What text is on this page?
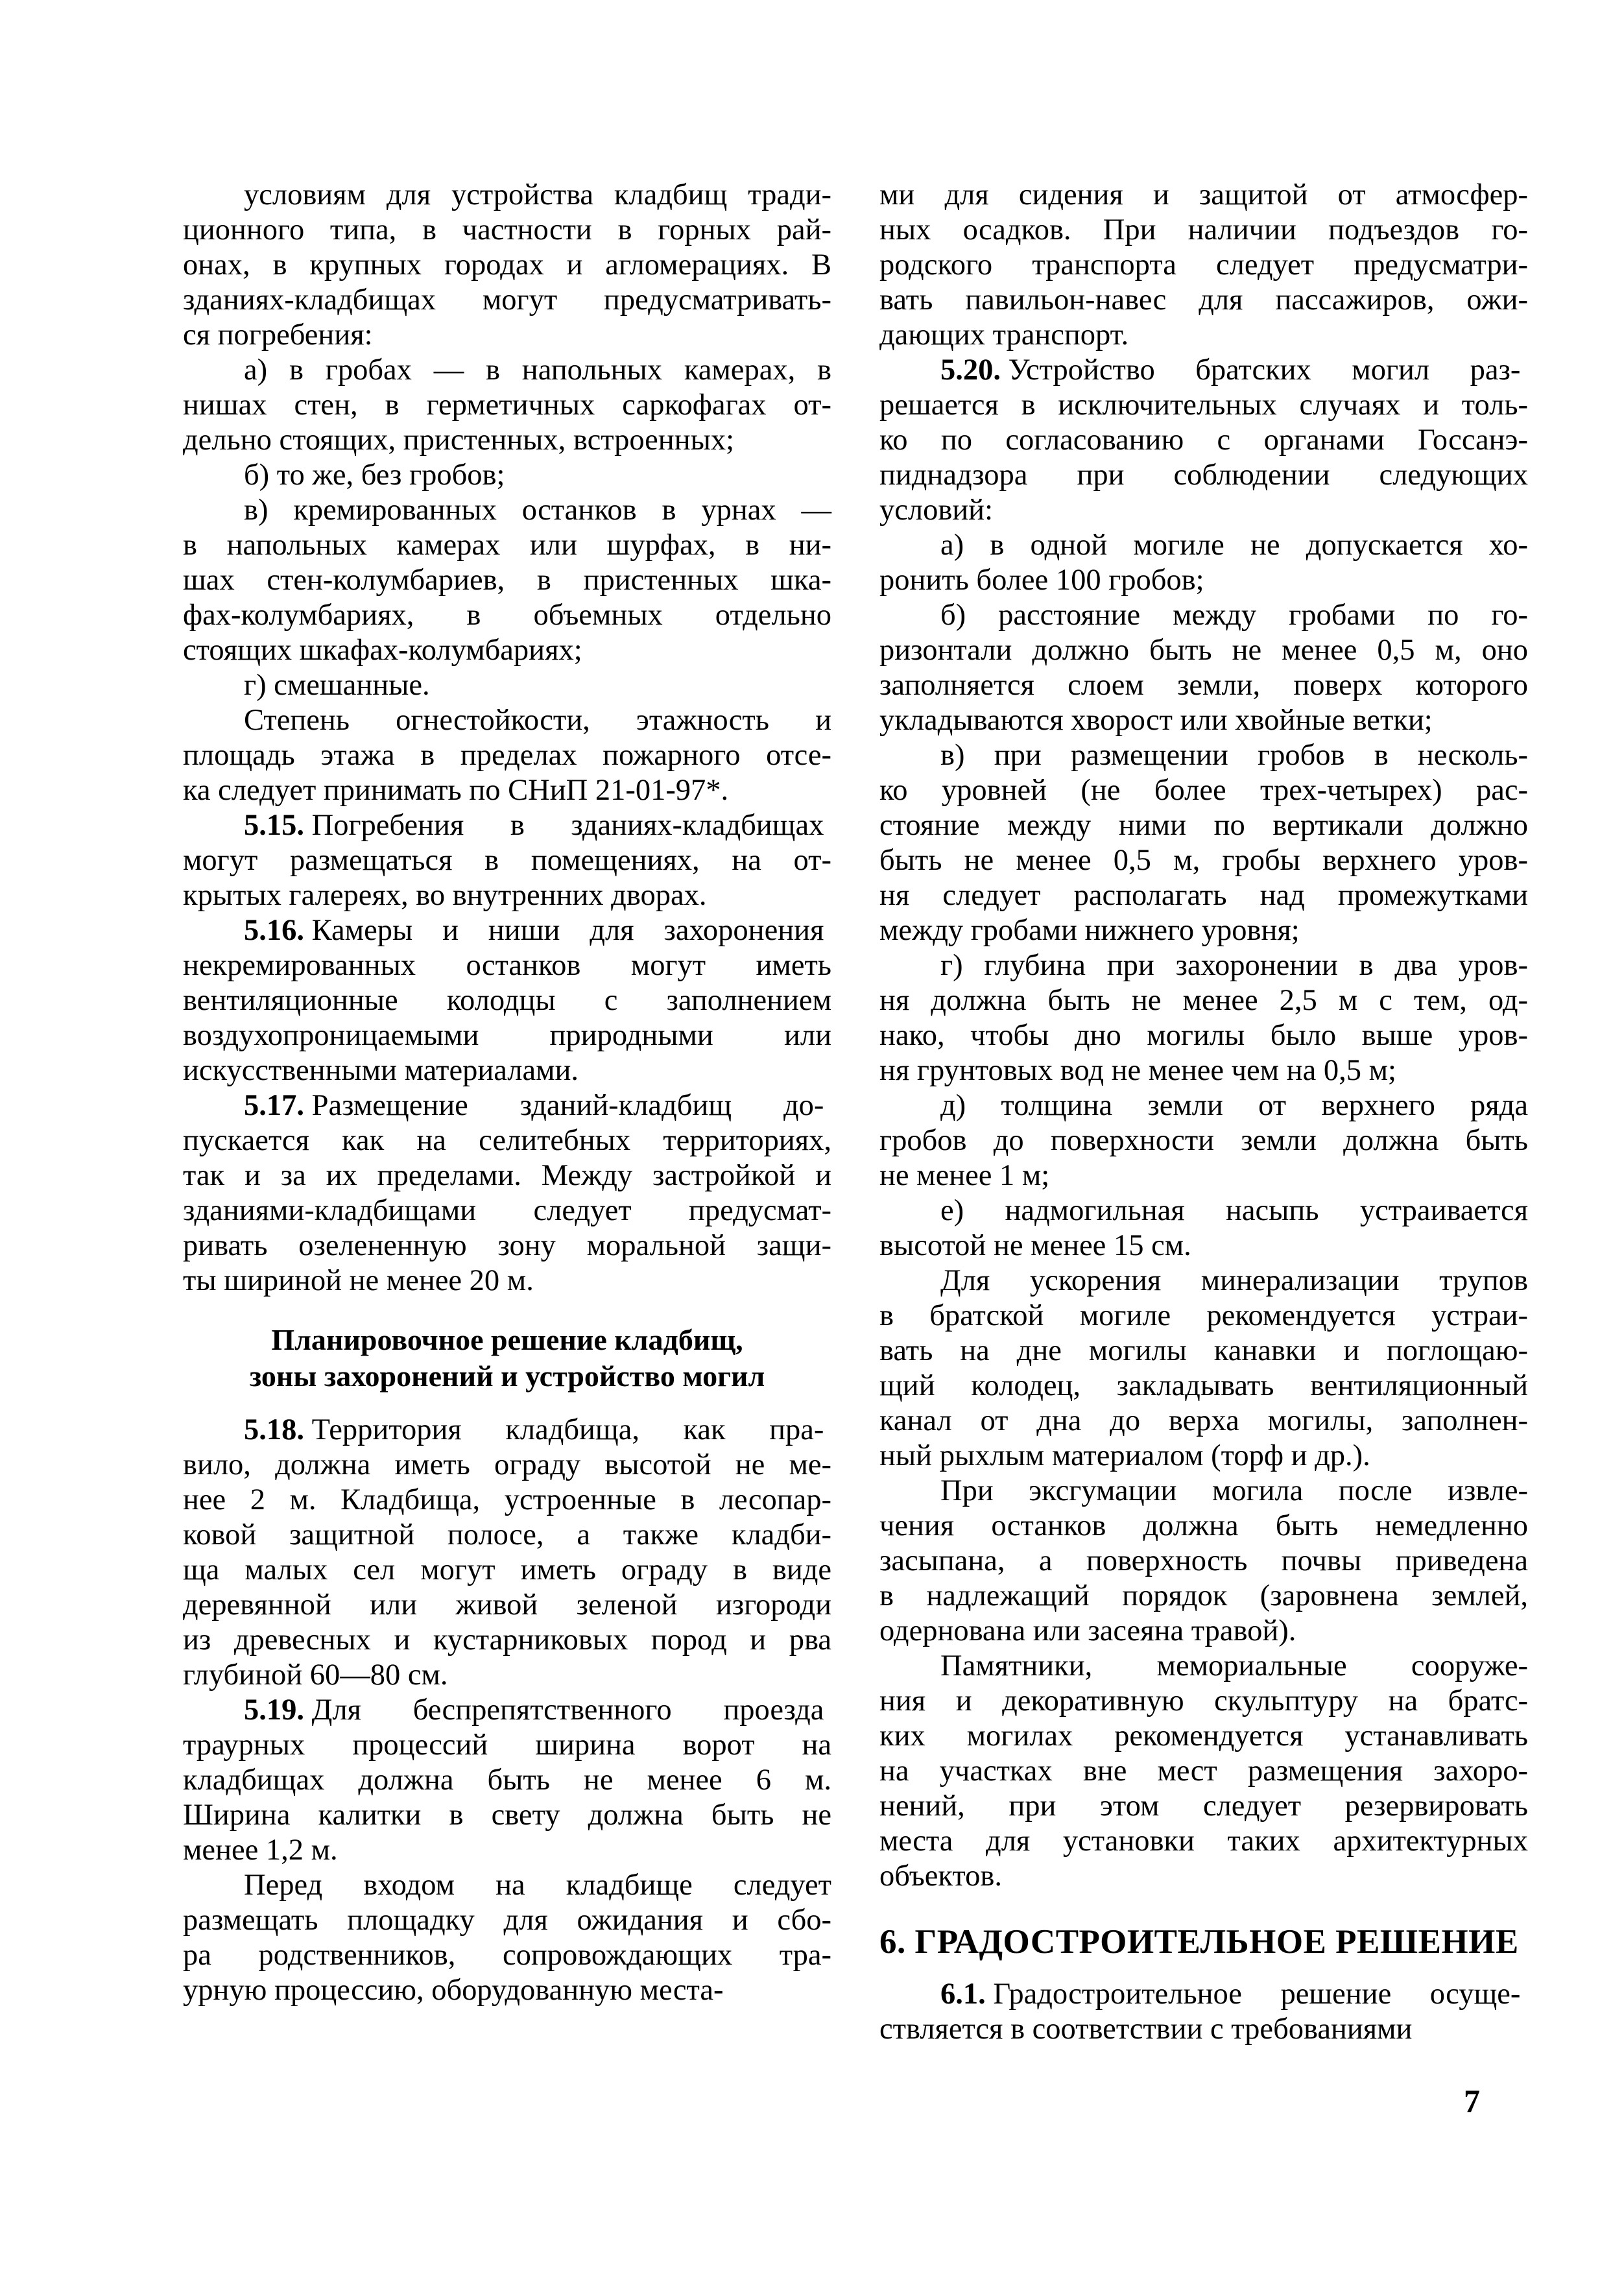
условиям для устройства кладбищ тради-
ционного типа, в частности в горных рай-
онах, в крупных городах и агломерациях. В
зданиях-кладбищах могут предусматривать-
ся погребения:
а) в гробах — в напольных камерах, в
нишах стен, в герметичных саркофагах от-
дельно стоящих, пристенных, встроенных;
б) то же, без гробов;
в) кремированных останков в урнах —
в напольных камерах или шурфах, в ни-
шах стен-колумбариев, в пристенных шка-
фах-колумбариях, в объемных отдельно
стоящих шкафах-колумбариях;
г) смешанные.
Степень огнестойкости, этажность и
площадь этажа в пределах пожарного отсе-
ка следует принимать по СНиП 21-01-97*.
5.15. Погребения в зданиях-кладбищах
могут размещаться в помещениях, на от-
крытых галереях, во внутренних дворах.
5.16. Камеры и ниши для захоронения
некремированных останков могут иметь
вентиляционные колодцы с заполнением
воздухопроницаемыми природными или
искусственными материалами.
5.17. Размещение зданий-кладбищ до-
пускается как на селитебных территориях,
так и за их пределами. Между застройкой и
зданиями-кладбищами следует предусмат-
ривать озелененную зону моральной защи-
ты шириной не менее 20 м.
Планировочное решение кладбищ,
зоны захоронений и устройство могил
5.18. Территория кладбища, как пра-
вило, должна иметь ограду высотой не ме-
нее 2 м. Кладбища, устроенные в лесопар-
ковой защитной полосе, а также кладби-
ща малых сел могут иметь ограду в виде
деревянной или живой зеленой изгороди
из древесных и кустарниковых пород и рва
глубиной 60—80 см.
5.19. Для беспрепятственного проезда
траурных процессий ширина ворот на
кладбищах должна быть не менее 6 м.
Ширина калитки в свету должна быть не
менее 1,2 м.
Перед входом на кладбище следует
размещать площадку для ожидания и сбо-
ра родственников, сопровождающих тра-
урную процессию, оборудованную места-
ми для сидения и защитой от атмосфер-
ных осадков. При наличии подъездов го-
родского транспорта следует предусматри-
вать павильон-навес для пассажиров, ожи-
дающих транспорт.
5.20. Устройство братских могил раз-
решается в исключительных случаях и толь-
ко по согласованию с органами Госсанэ-
пиднадзора при соблюдении следующих
условий:
а) в одной могиле не допускается хо-
ронить более 100 гробов;
б) расстояние между гробами по го-
ризонтали должно быть не менее 0,5 м, оно
заполняется слоем земли, поверх которого
укладываются хворост или хвойные ветки;
в) при размещении гробов в несколь-
ко уровней (не более трех-четырех) рас-
стояние между ними по вертикали должно
быть не менее 0,5 м, гробы верхнего уров-
ня следует располагать над промежутками
между гробами нижнего уровня;
г) глубина при захоронении в два уров-
ня должна быть не менее 2,5 м с тем, од-
нако, чтобы дно могилы было выше уров-
ня грунтовых вод не менее чем на 0,5 м;
д) толщина земли от верхнего ряда
гробов до поверхности земли должна быть
не менее 1 м;
е) надмогильная насыпь устраивается
высотой не менее 15 см.
Для ускорения минерализации трупов
в братской могиле рекомендуется устраи-
вать на дне могилы канавки и поглощаю-
щий колодец, закладывать вентиляционный
канал от дна до верха могилы, заполнен-
ный рыхлым материалом (торф и др.).
При эксгумации могила после извле-
чения останков должна быть немедленно
засыпана, а поверхность почвы приведена
в надлежащий порядок (заровнена землей,
одернована или засеяна травой).
Памятники, мемориальные сооруже-
ния и декоративную скульптуру на братс-
ких могилах рекомендуется устанавливать
на участках вне мест размещения захоро-
нений, при этом следует резервировать
места для установки таких архитектурных
объектов.
6. ГРАДОСТРОИТЕЛЬНОЕ РЕШЕНИЕ
6.1. Градостроительное решение осуще-
ствляется в соответствии с требованиями
7
